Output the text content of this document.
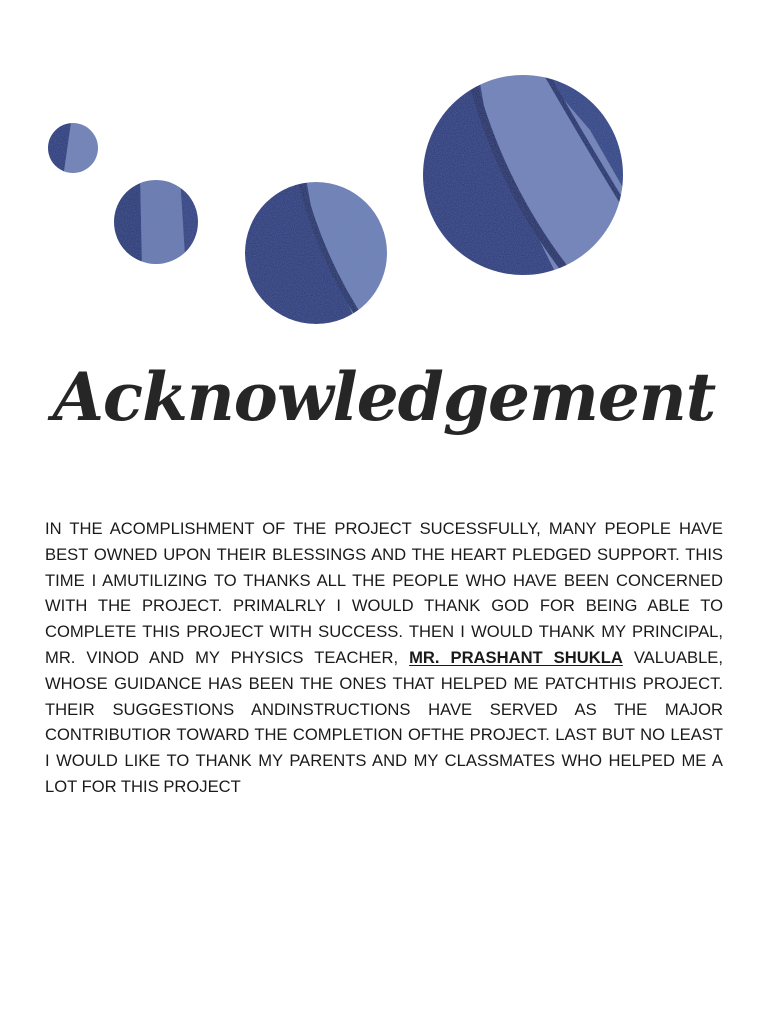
Acknowledgement

IN THE ACOMPLISHMENT OF THE PROJECT SUCESSFULLY, MANY PEOPLE HAVE BEST OWNED UPON THEIR BLESSINGS AND THE HEART PLEDGED SUPPORT. THIS TIME I AMUTILIZING TO THANKS ALL THE PEOPLE WHO HAVE BEEN CONCERNED WITH THE PROJECT. PRIMALRLY I WOULD THANK GOD FOR BEING ABLE TO COMPLETE THIS PROJECT WITH SUCCESS. THEN I WOULD THANK MY PRINCIPAL, MR. VINOD AND MY PHYSICS TEACHER, MR. PRASHANT SHUKLA VALUABLE, WHOSE GUIDANCE HAS BEEN THE ONES THAT HELPED ME PATCHTHIS PROJECT. THEIR SUGGESTIONS ANDINSTRUCTIONS HAVE SERVED AS THE MAJOR CONTRIBUTIOR TOWARD THE COMPLETION OFTHE PROJECT. LAST BUT NO LEAST I WOULD LIKE TO THANK MY PARENTS AND MY CLASSMATES WHO HELPED ME A LOT FOR THIS PROJECT
